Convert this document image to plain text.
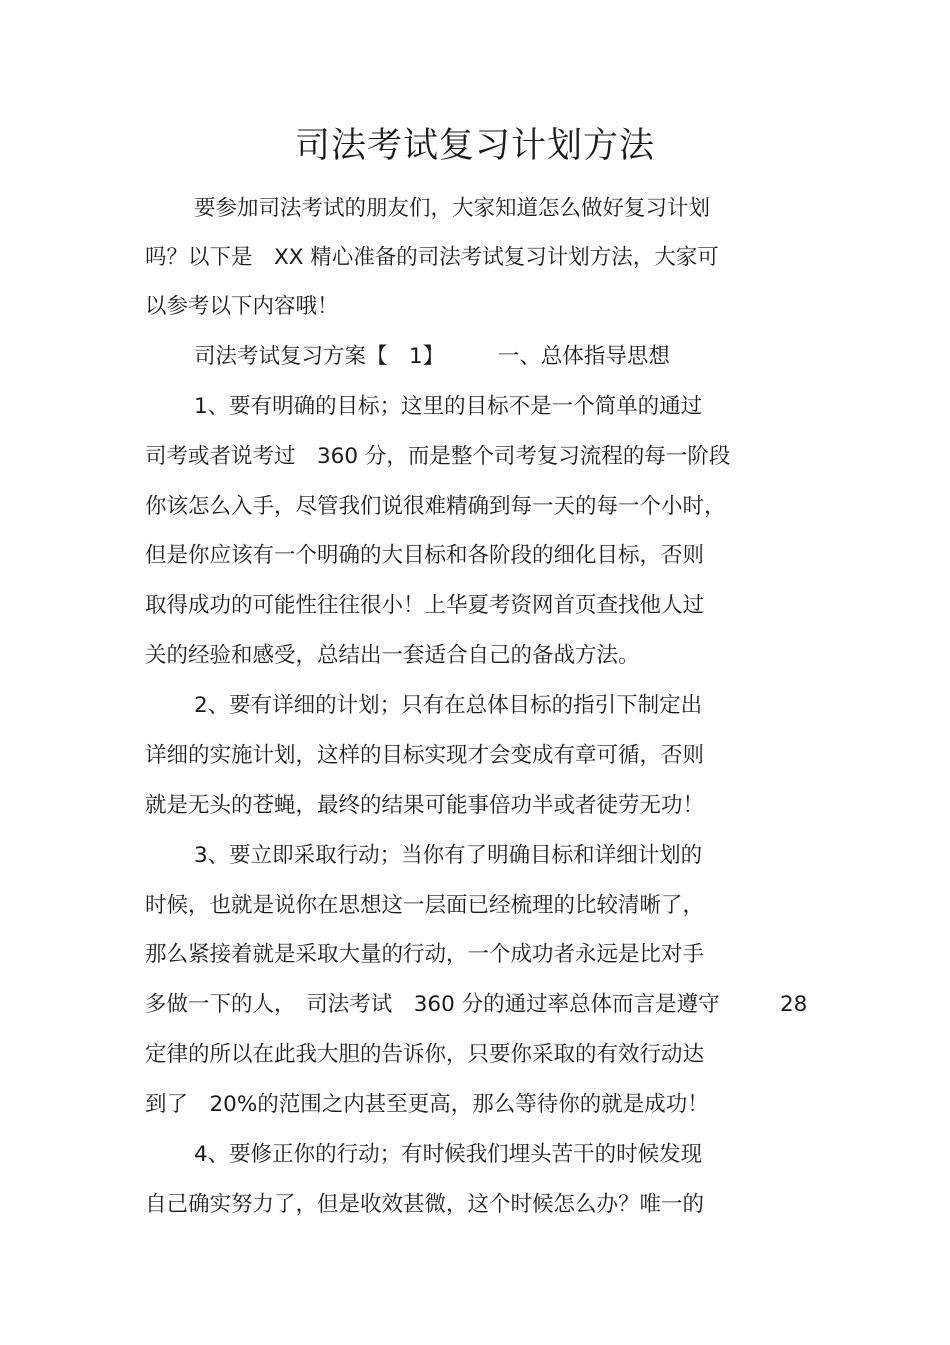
司法考试复习计划方法
要参加司法考试的朋友们，大家知道怎么做好复习计划
吗？以下是　XX 精心准备的司法考试复习计划方法，大家可
以参考以下内容哦！
司法考试复习方案【　1】　　　一、总体指导思想
1、要有明确的目标；这里的目标不是一个简单的通过
司考或者说考过　360 分，而是整个司考复习流程的每一阶段
你该怎么入手，尽管我们说很难精确到每一天的每一个小时，
但是你应该有一个明确的大目标和各阶段的细化目标，否则
取得成功的可能性往往很小！上华夏考资网首页查找他人过
关的经验和感受，总结出一套适合自己的备战方法。
2、要有详细的计划；只有在总体目标的指引下制定出
详细的实施计划，这样的目标实现才会变成有章可循，否则
就是无头的苍蝇，最终的结果可能事倍功半或者徒劳无功！
3、要立即采取行动；当你有了明确目标和详细计划的
时候，也就是说你在思想这一层面已经梳理的比较清晰了，
那么紧接着就是采取大量的行动，一个成功者永远是比对手
多做一下的人，　司法考试　360 分的通过率总体而言是遵守	28
定律的所以在此我大胆的告诉你，只要你采取的有效行动达
到了　20%的范围之内甚至更高，那么等待你的就是成功！
4、要修正你的行动；有时候我们埋头苦干的时候发现
自己确实努力了，但是收效甚微，这个时候怎么办？唯一的
